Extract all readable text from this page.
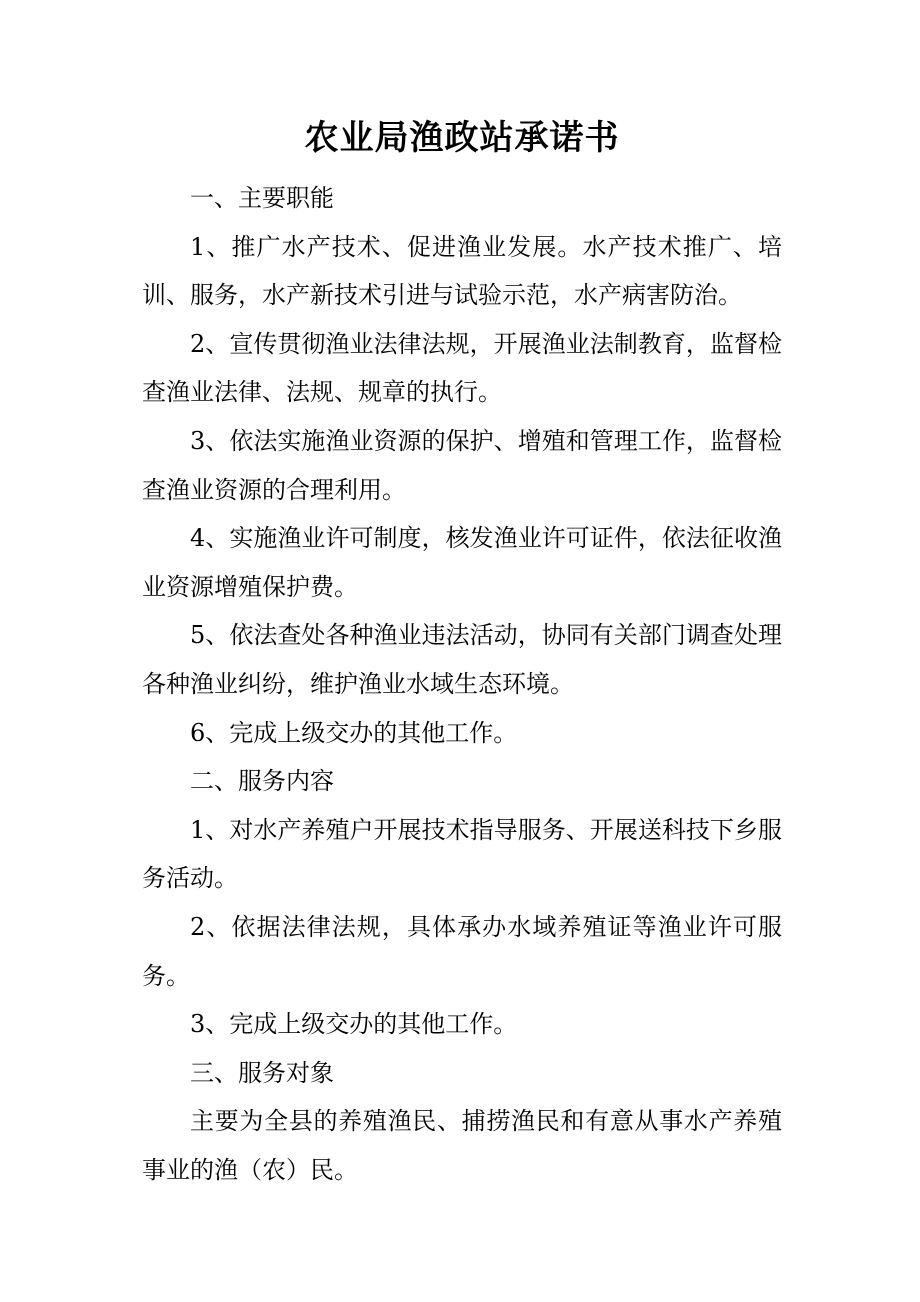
农业局渔政站承诺书

一、主要职能

1、推广水产技术、促进渔业发展。水产技术推广、培训、服务，水产新技术引进与试验示范，水产病害防治。

2、宣传贯彻渔业法律法规，开展渔业法制教育，监督检查渔业法律、法规、规章的执行。

3、依法实施渔业资源的保护、增殖和管理工作，监督检查渔业资源的合理利用。

4、实施渔业许可制度，核发渔业许可证件，依法征收渔业资源增殖保护费。

5、依法查处各种渔业违法活动，协同有关部门调查处理各种渔业纠纷，维护渔业水域生态环境。

6、完成上级交办的其他工作。

二、服务内容

1、对水产养殖户开展技术指导服务、开展送科技下乡服务活动。

2、依据法律法规，具体承办水域养殖证等渔业许可服务。

3、完成上级交办的其他工作。

三、服务对象

主要为全县的养殖渔民、捕捞渔民和有意从事水产养殖事业的渔（农）民。
